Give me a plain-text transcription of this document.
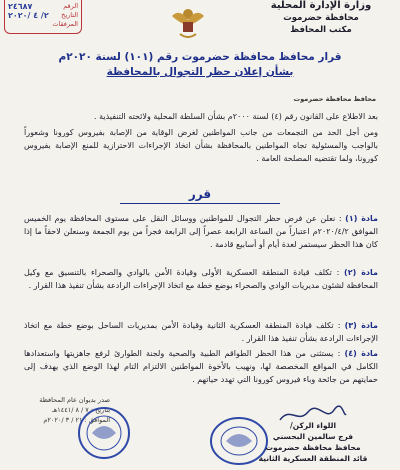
وزارة الإدارة المحلية
محافظة حضرموت
مكتب المحافظ
الرقم
٢٤٦٨٧
التاريخ
٢/ ٤ /٢٠٢٠
المرفقات
قرار محافظ محافظة حضرموت رقم (١٠١) لسنة ٢٠٢٠م
بشأن إعلان حظر التجوال بالمحافظة
محافظ محافظة حضرموت
بعد الاطلاع على القانون رقم (٤) لسنة ٢٠٠٠م بشأن السلطة المحلية ولائحته التنفيذية .
ومن أجل الحد من التجمعات من جانب المواطنين لغرض الوقاية من الإصابة بفيروس كورونا وشعوراً بالواجب والمسئولية تجاه المواطنين بالمحافظة بشأن اتخاذ الإجراءات الاحترازية للمنع الإصابة بفيروس كورونا، ولما تقتضيه المصلحة العامة .
قرر
مادة (١) : نعلن عن فرض حظر التجوال للمواطنين ووسائل النقل على مستوى المحافظة يوم الخميس الموافق ٢٠٢٠/٤/٢م اعتباراً من الساعة الرابعة عصراً إلى الرابعة فجراً من يوم الجمعة وسنعلن لاحقاً ما إذا كان هذا الحظر سيستمر لعدة أيام أو أسابيع قادمة .
مادة (٢) : تكلف قيادة المنطقة العسكرية الأولى وقيادة الأمن بالوادي والصحراء بالتنسيق مع وكيل المحافظة لشئون مديريات الوادي والصحراء بوضع خطة مع اتخاذ الإجراءات الرادعة بشأن تنفيذ هذا القرار .
مادة (٣) : تكلف قيادة المنطقة العسكرية الثانية وقيادة الأمن بمديريات الساحل بوضع خطة مع اتخاذ الإجراءات الرادعة بشأن تنفيذ هذا القرار .
مادة (٤) : يستثنى من هذا الحظر الطواقم الطبية والصحية ولجنة الطوارئ لرفع جاهزيتها واستعدادها الكامل في المواقع المخصصة لها، ونهيب بالأخوة المواطنين الالتزام التام لهذا الوضع الذي يهدف إلى حمايتهم من جائحة وباء فيروس كورونا التي تهدد حياتهم .
صدر بديوان عام المحافظة
بتاريخ : ٧ / ٨ /١٤٤١هـ
الموافق : ٢١ / ٣ /٢٠٢٠م
اللواء الركن/
فرج سالمين البحسني
محافظ محافظة حضرموت
قائد المنطقة العسكرية الثانية
